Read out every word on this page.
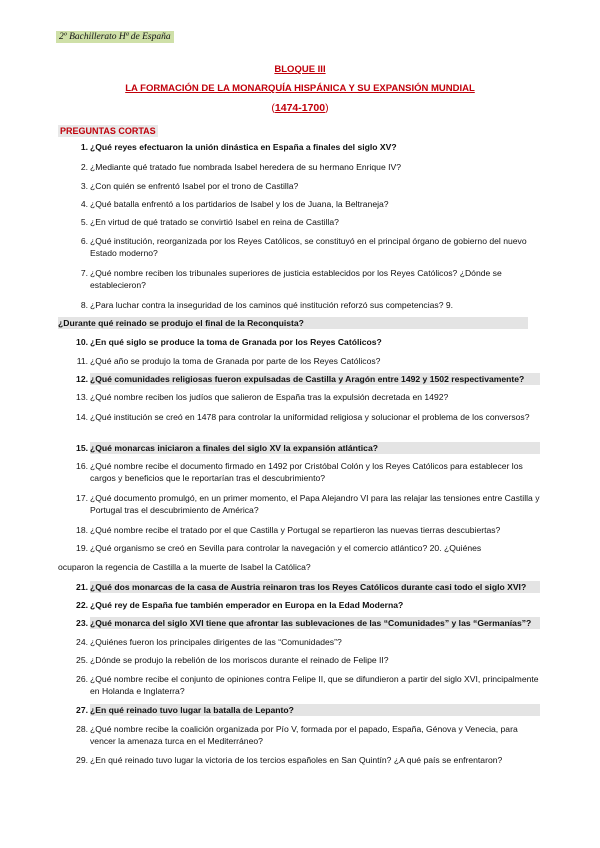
2º Bachillerato Hª de España
BLOQUE III
LA FORMACIÓN DE LA MONARQUÍA HISPÁNICA Y SU EXPANSIÓN MUNDIAL
(1474-1700)
PREGUNTAS CORTAS
1. ¿Qué reyes efectuaron la unión dinástica en España a finales del siglo XV?
2. ¿Mediante qué tratado fue nombrada Isabel heredera de su hermano Enrique IV?
3. ¿Con quién se enfrentó Isabel por el trono de Castilla?
4. ¿Qué batalla enfrentó a los partidarios de Isabel y los de Juana, la Beltraneja?
5. ¿En virtud de qué tratado se convirtió Isabel en reina de Castilla?
6. ¿Qué institución, reorganizada por los Reyes Católicos, se constituyó en el principal órgano de gobierno del nuevo Estado moderno?
7. ¿Qué nombre reciben los tribunales superiores de justicia establecidos por los Reyes Católicos? ¿Dónde se establecieron?
8. ¿Para luchar contra la inseguridad de los caminos qué institución reforzó sus competencias? 9.
¿Durante qué reinado se produjo el final de la Reconquista?
10. ¿En qué siglo se produce la toma de Granada por los Reyes Católicos?
11. ¿Qué año se produjo la toma de Granada por parte de los Reyes Católicos?
12. ¿Qué comunidades religiosas fueron expulsadas de Castilla y Aragón entre 1492 y 1502 respectivamente?
13. ¿Qué nombre reciben los judíos que salieron de España tras la expulsión decretada en 1492?
14. ¿Qué institución se creó en 1478 para controlar la uniformidad religiosa y solucionar el problema de los conversos?
15. ¿Qué monarcas iniciaron a finales del siglo XV la expansión atlántica?
16. ¿Qué nombre recibe el documento firmado en 1492 por Cristóbal Colón y los Reyes Católicos para establecer los cargos y beneficios que le reportarían tras el descubrimiento?
17. ¿Qué documento promulgó, en un primer momento, el Papa Alejandro VI para las relajar las tensiones entre Castilla y Portugal tras el descubrimiento de América?
18. ¿Qué nombre recibe el tratado por el que Castilla y Portugal se repartieron las nuevas tierras descubiertas?
19. ¿Qué organismo se creó en Sevilla para controlar la navegación y el comercio atlántico? 20. ¿Quiénes
ocuparon la regencia de Castilla a la muerte de Isabel la Católica?
21. ¿Qué dos monarcas de la casa de Austria reinaron tras los Reyes Católicos durante casi todo el siglo XVI?
22. ¿Qué rey de España fue también emperador en Europa en la Edad Moderna?
23. ¿Qué monarca del siglo XVI tiene que afrontar las sublevaciones de las “Comunidades” y las “Germanías”?
24. ¿Quiénes fueron los principales dirigentes de las “Comunidades”?
25. ¿Dónde se produjo la rebelión de los moriscos durante el reinado de Felipe II?
26. ¿Qué nombre recibe el conjunto de opiniones contra Felipe II, que se difundieron a partir del siglo XVI, principalmente en Holanda e Inglaterra?
27. ¿En qué reinado tuvo lugar la batalla de Lepanto?
28. ¿Qué nombre recibe la coalición organizada por Pío V, formada por el papado, España, Génova y Venecia, para vencer la amenaza turca en el Mediterráneo?
29. ¿En qué reinado tuvo lugar la victoria de los tercios españoles en San Quintín? ¿A qué país se enfrentaron?
